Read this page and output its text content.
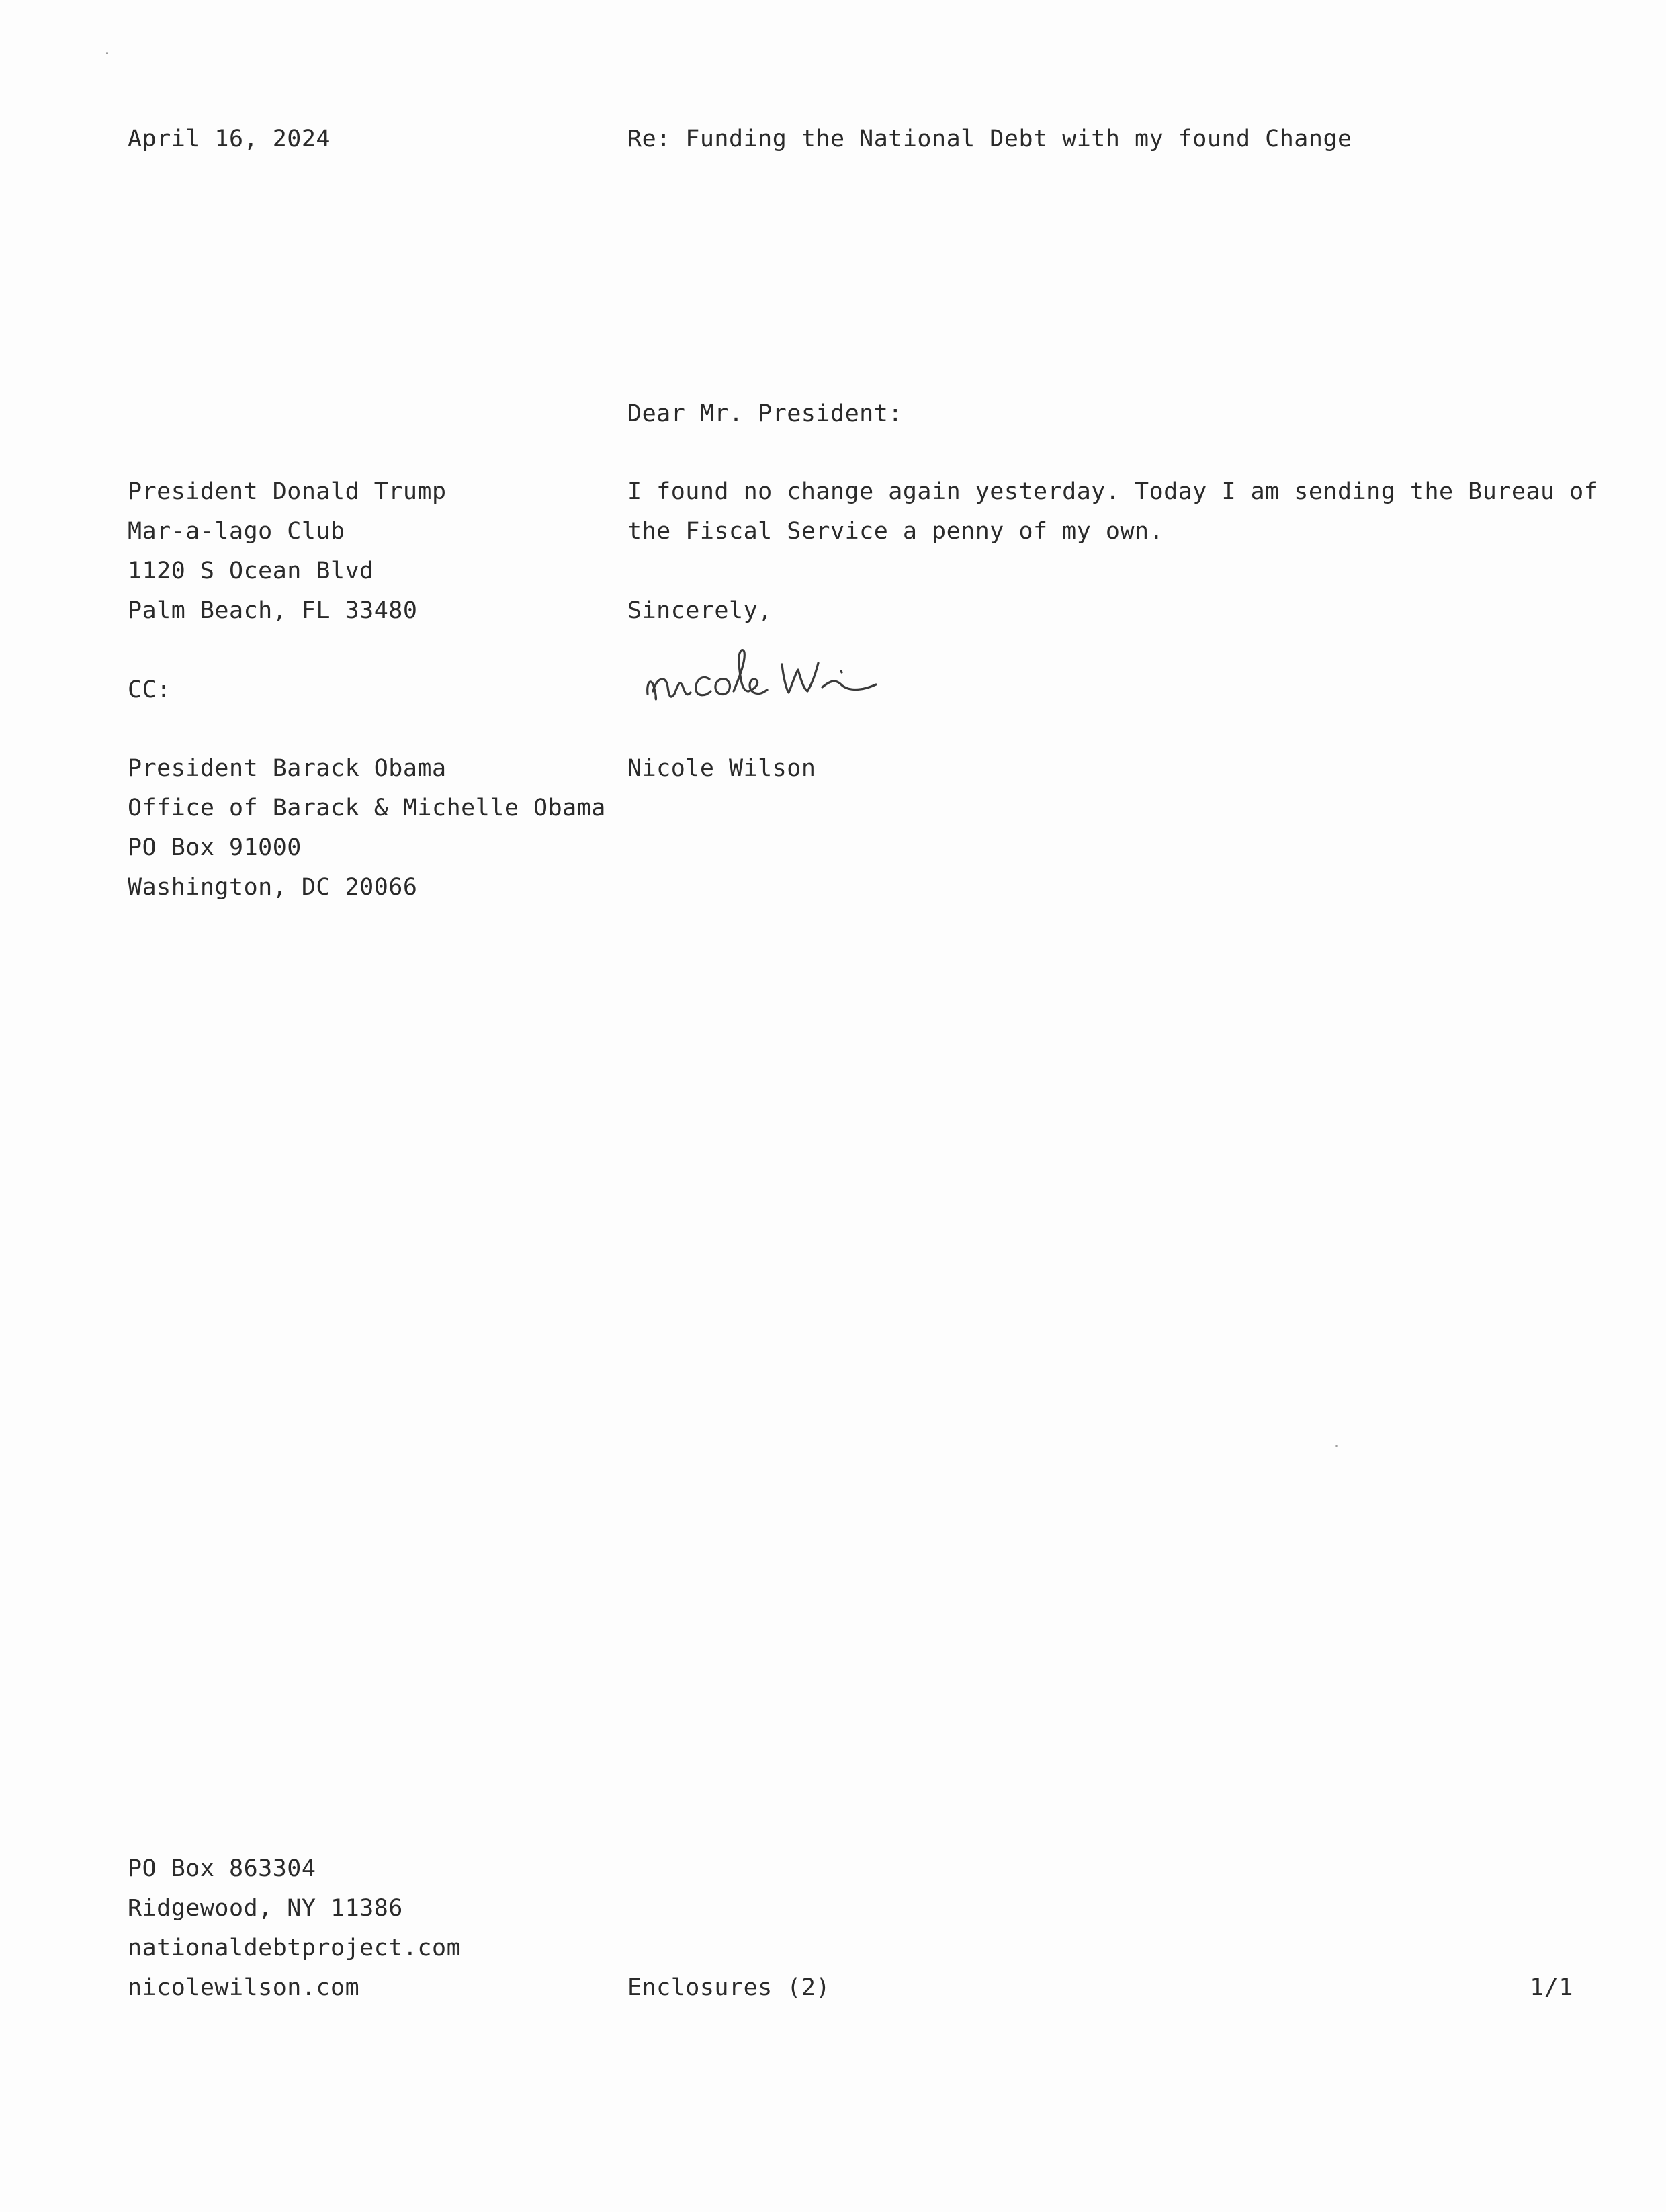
April 16, 2024	Re: Funding the National Debt with my found Change
Dear Mr. President:
President Donald Trump
Mar-a-lago Club
1120 S Ocean Blvd
Palm Beach, FL 33480
I found no change again yesterday. Today I am sending the Bureau of
the Fiscal Service a penny of my own.
Sincerely,
CC:
President Barack Obama
Office of Barack & Michelle Obama
PO Box 91000
Washington, DC 20066
Nicole Wilson
PO Box 863304
Ridgewood, NY 11386
nationaldebtproject.com
nicolewilson.com	Enclosures (2)	1/1
